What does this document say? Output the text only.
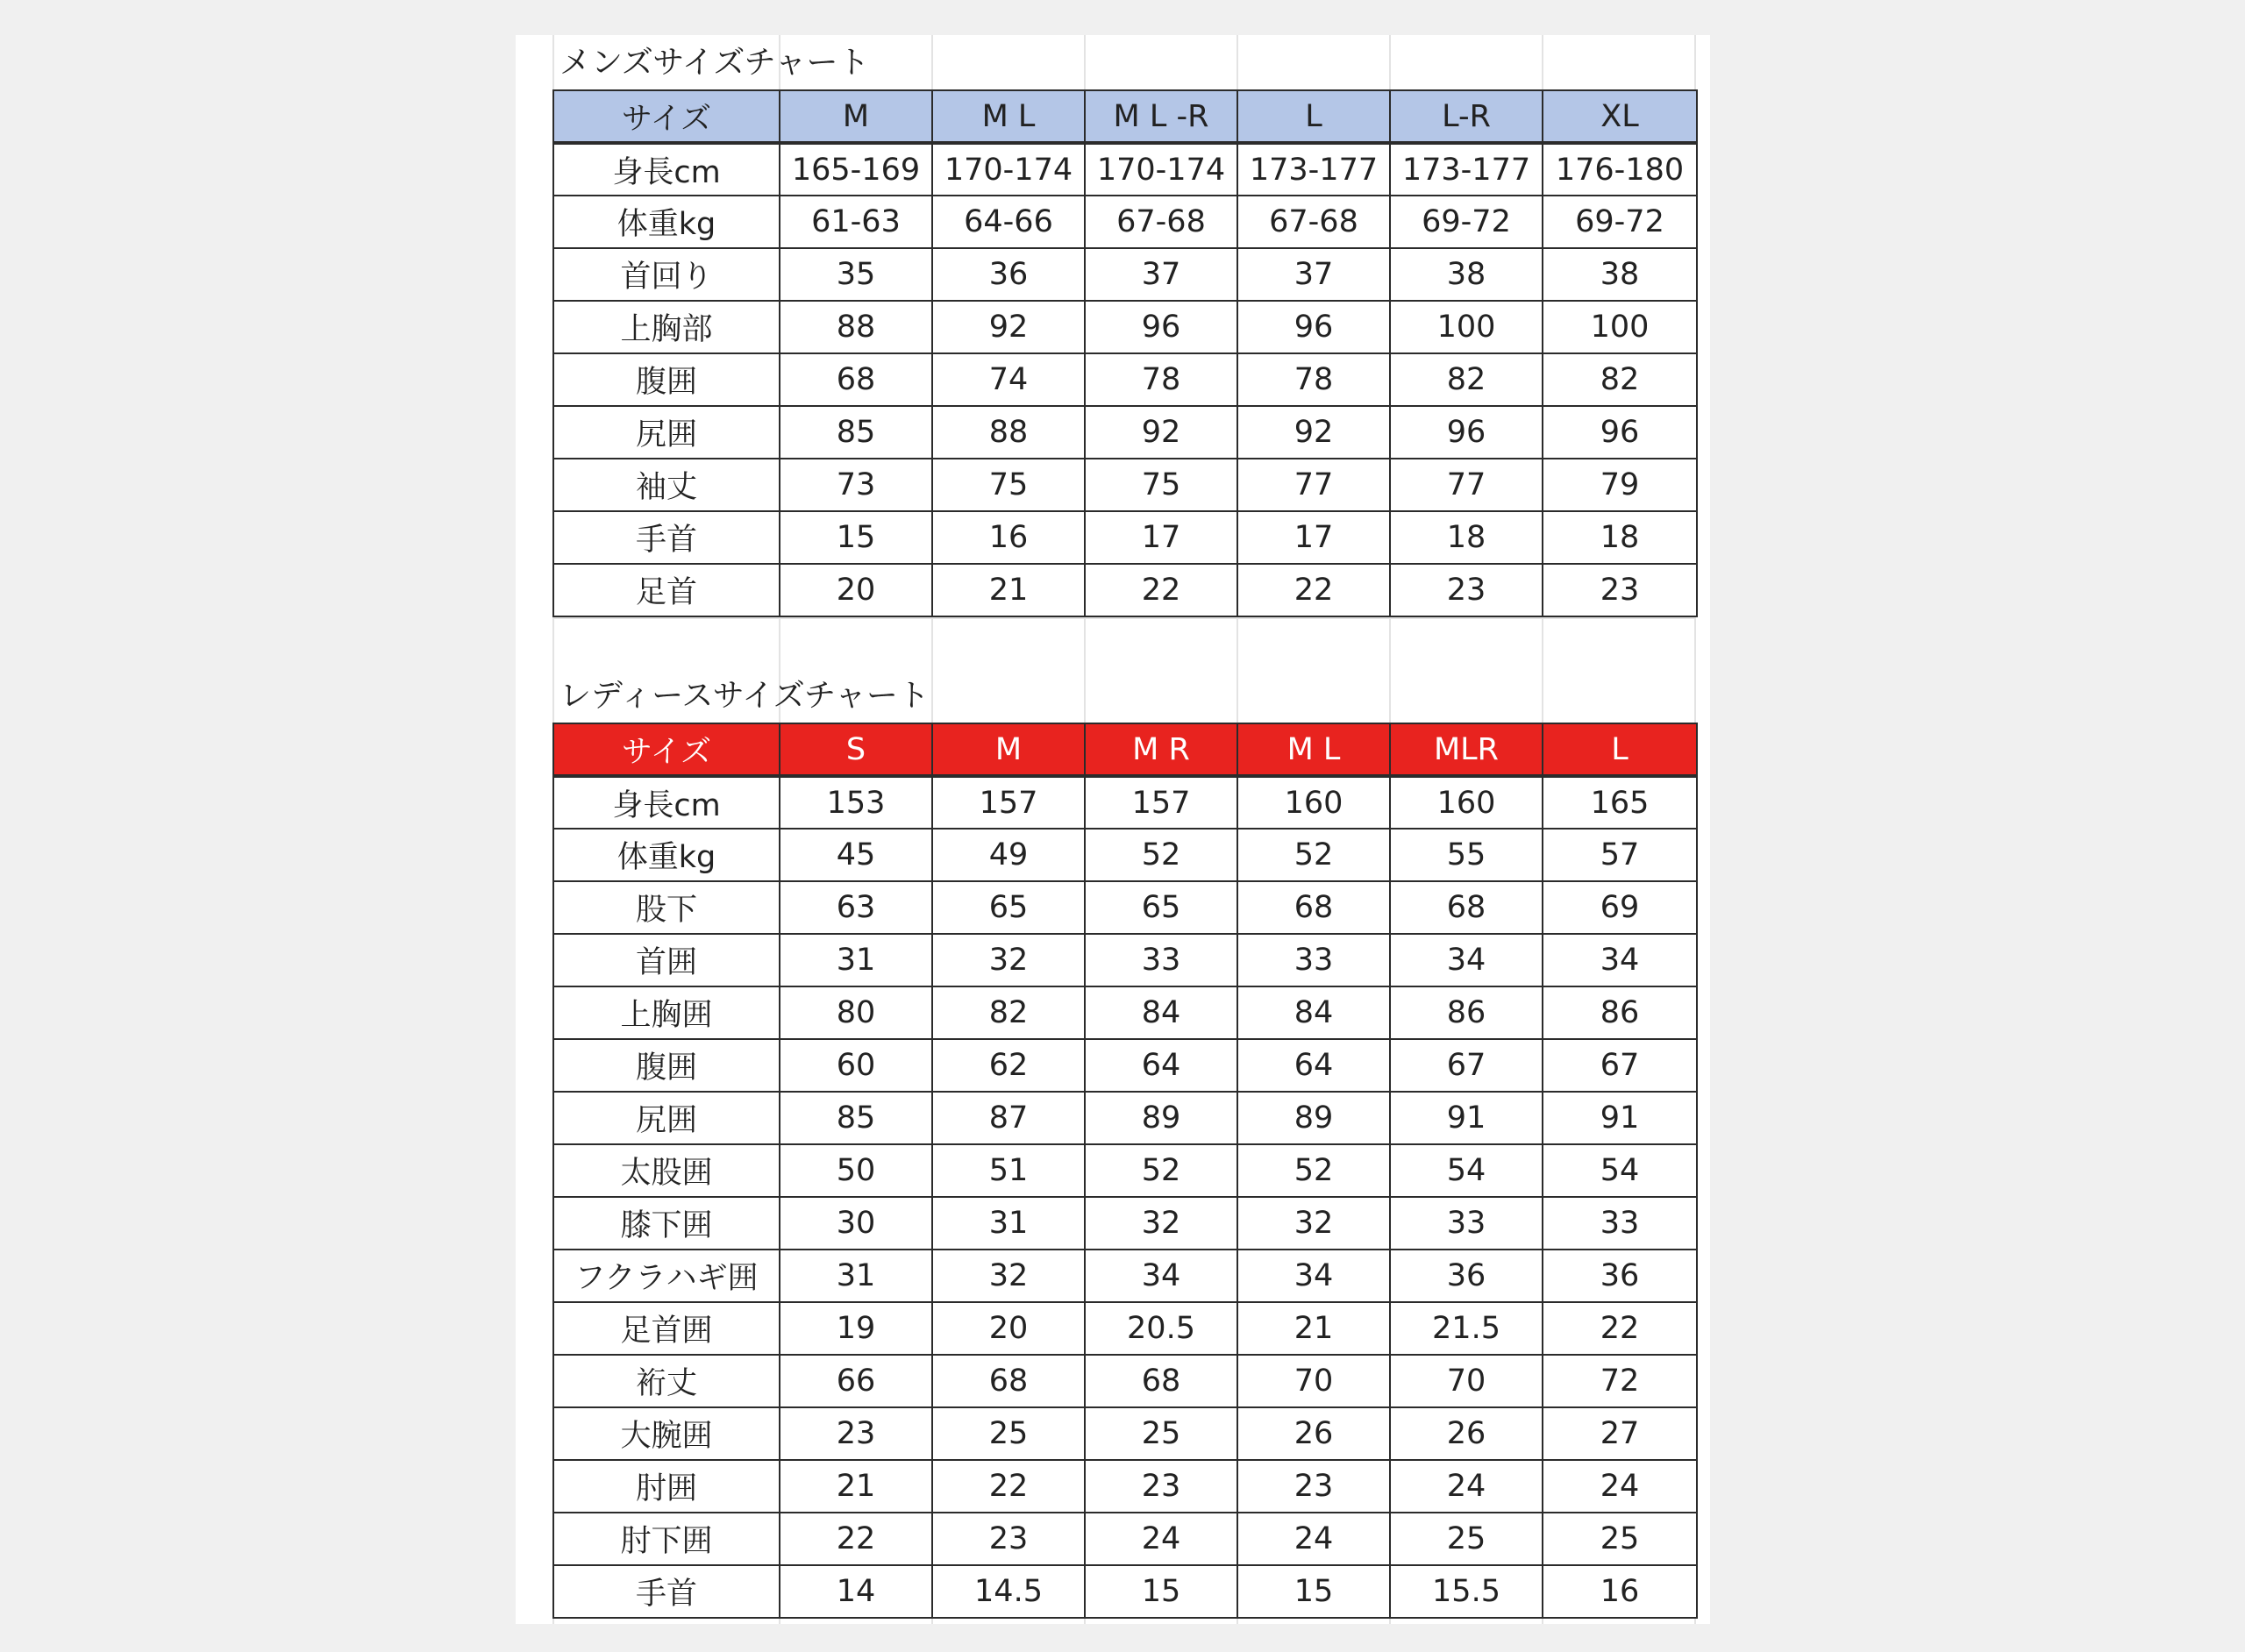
メンズサイズチャート
サイズ	M	M L	M L -R	L	L-R	XL
身長cm	165-169	170-174	170-174	173-177	173-177	176-180
体重kg	61-63	64-66	67-68	67-68	69-72	69-72
首回り	35	36	37	37	38	38
上胸部	88	92	96	96	100	100
腹囲	68	74	78	78	82	82
尻囲	85	88	92	92	96	96
袖丈	73	75	75	77	77	79
手首	15	16	17	17	18	18
足首	20	21	22	22	23	23
レディースサイズチャート
サイズ	S	M	M R	M L	MLR	L
身長cm	153	157	157	160	160	165
体重kg	45	49	52	52	55	57
股下	63	65	65	68	68	69
首囲	31	32	33	33	34	34
上胸囲	80	82	84	84	86	86
腹囲	60	62	64	64	67	67
尻囲	85	87	89	89	91	91
太股囲	50	51	52	52	54	54
膝下囲	30	31	32	32	33	33
フクラハギ囲	31	32	34	34	36	36
足首囲	19	20	20.5	21	21.5	22
裄丈	66	68	68	70	70	72
大腕囲	23	25	25	26	26	27
肘囲	21	22	23	23	24	24
肘下囲	22	23	24	24	25	25
手首	14	14.5	15	15	15.5	16
